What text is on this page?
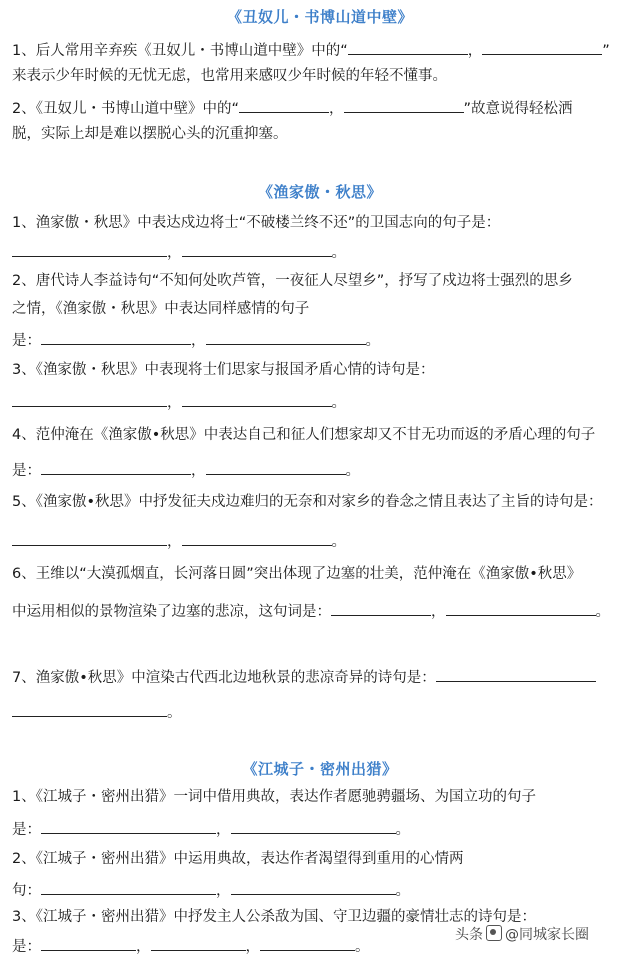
《丑奴儿・书博山道中壁》
1、后人常用辛弃疾《丑奴儿・书博山道中壁》中的“	，	”
来表示少年时候的无忧无虑，也常用来感叹少年时候的年轻不懂事。
2、《丑奴儿・书博山道中壁》中的“	，	”故意说得轻松洒
脱，实际上却是难以摆脱心头的沉重抑塞。
《渔家傲・秋思》
1、渔家傲・秋思》中表达戍边将士“不破楼兰终不还”的卫国志向的句子是：
，	。
2、唐代诗人李益诗句“不知何处吹芦管，一夜征人尽望乡”，抒写了戍边将士强烈的思乡
之情，《渔家傲・秋思》中表达同样感情的句子
是：	，	。
3、《渔家傲・秋思》中表现将士们思家与报国矛盾心情的诗句是：
，	。
4、范仲淹在《渔家傲•秋思》中表达自己和征人们想家却又不甘无功而返的矛盾心理的句子
是：	，	。
5、《渔家傲•秋思》中抒发征夫戍边难归的无奈和对家乡的眷念之情且表达了主旨的诗句是：
，	。
6、王维以“大漠孤烟直，长河落日圆”突出体现了边塞的壮美，范仲淹在《渔家傲•秋思》
中运用相似的景物渲染了边塞的悲凉，这句词是：	，	。
7、渔家傲•秋思》中渲染古代西北边地秋景的悲凉奇异的诗句是：
。
《江城子・密州出猎》
1、《江城子・密州出猎》一词中借用典故，表达作者愿驰骋疆场、为国立功的句子
是：	，	。
2、《江城子・密州出猎》中运用典故，表达作者渴望得到重用的心情两
句：	，	。
3、《江城子・密州出猎》中抒发主人公杀敌为国、守卫边疆的豪情壮志的诗句是：
是：	，	，	。
头条 @同城家长圈
